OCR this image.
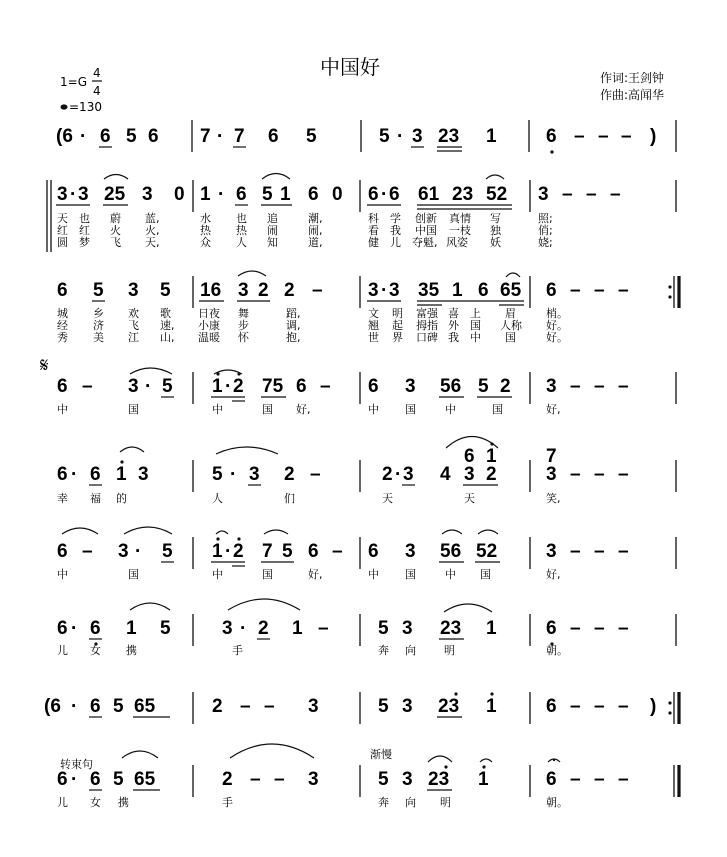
中国好
1=G
4
4
=130
作词:王剑钟
作曲:高闻华
(6 · 6 5 6 7 · 7 6 5	5 · 3 23 1	6 – – – )
3 · 3 25 3 0 1 · 6 5 1 6 0 6 · 6 61 23 52 3 – – –
天 也 蔚 蓝,	水 也 追	潮,	科 学 创新 真情 写	照;
红 红 火 火,	热 热 闹	闹,	看 我 中国 一枝 独	俏;
圆 梦 飞 天,	众 人 知	道,	健 儿 夺魁, 风姿 妖	娆;
6 5 3 5 16 3 2 2 – 3 · 3 35 1 6 65 6 – – –
城 乡 欢 歌 日夜 舞	蹈,	文 明 富强 喜 上 眉	梢。
经 济 飞 速, 小康 步	调,	翘 起 拇指 外 国 人称 好。
秀 美 江 山, 温暖 怀	抱,	世 界 口碑 我 中 国	好。
𝄋
6 – 3 · 5 1 · 2 75 6 – 6 3 56 5 2 3 – – –
中	国	中	国 好,	中 国	中	国	好,
6 · 6 1 3	5 · 3 2 –	2 · 3 4 3 2
6 1
3 – – –
7
幸 福 的	人	们	天	天	笑,
6 – 3 · 5 1 · 2 7 5 6 – 6 3 56 52	3 – – –
中	国	中	国	好,	中 国	中 国	好,
6 · 6 1 5	3 · 2 1 –	5 3 23 1	6 – – –
儿 女 携	手	奔 向	明	朝。
(6 · 6 5 65	2 – – 3	5 3 23 1	6 – – – )
转束句
渐慢
6 · 6 5 65	2 – – 3	5 3 23 1	6 – – –
儿 女 携	手	奔 向 明	朝。
